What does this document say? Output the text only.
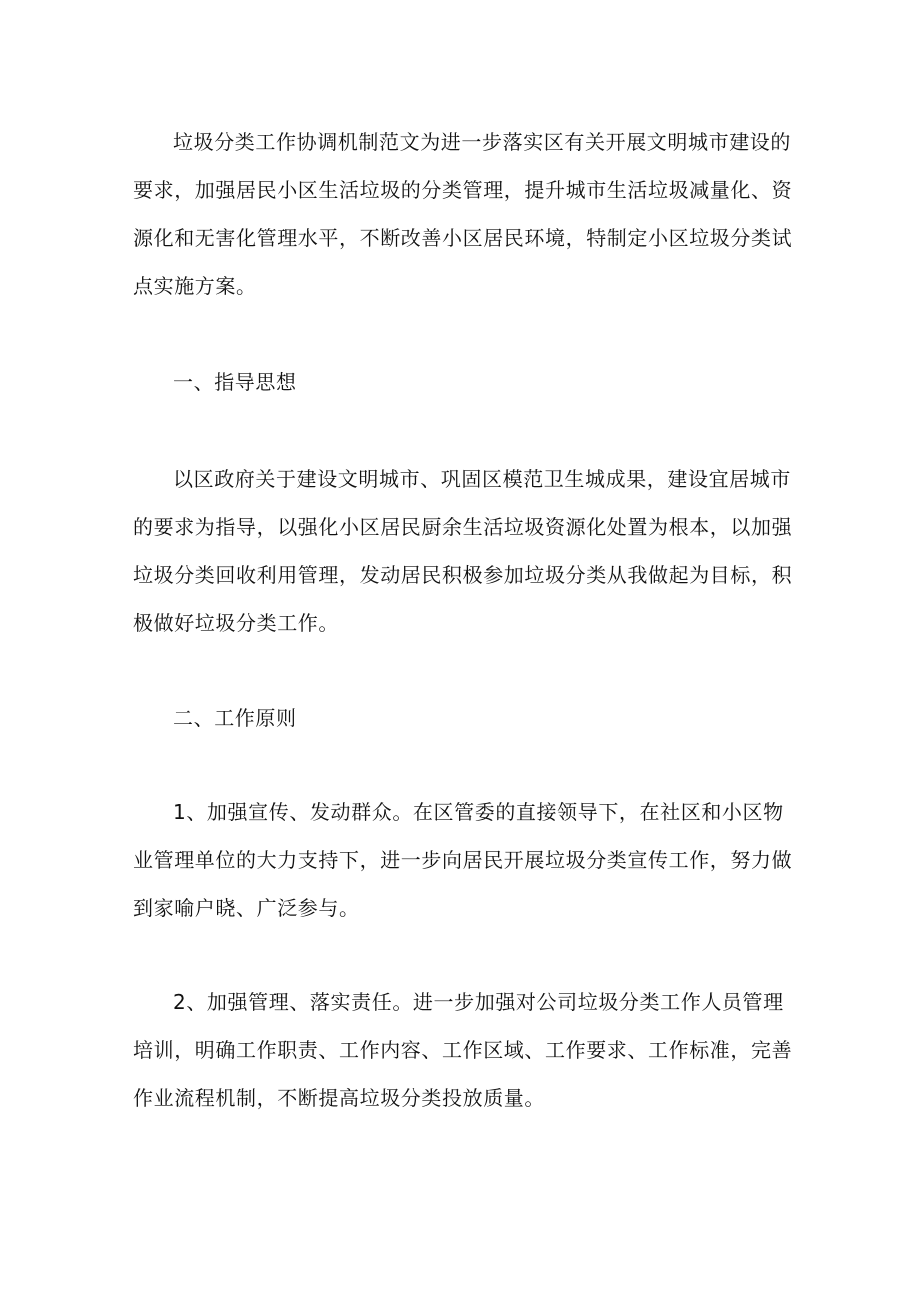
垃圾分类工作协调机制范文为进一步落实区有关开展文明城市建设的
要求，加强居民小区生活垃圾的分类管理，提升城市生活垃圾减量化、资
源化和无害化管理水平，不断改善小区居民环境，特制定小区垃圾分类试
点实施方案。
一、指导思想
以区政府关于建设文明城市、巩固区模范卫生城成果，建设宜居城市
的要求为指导，以强化小区居民厨余生活垃圾资源化处置为根本，以加强
垃圾分类回收利用管理，发动居民积极参加垃圾分类从我做起为目标，积
极做好垃圾分类工作。
二、工作原则
1、加强宣传、发动群众。在区管委的直接领导下，在社区和小区物
业管理单位的大力支持下，进一步向居民开展垃圾分类宣传工作，努力做
到家喻户晓、广泛参与。
2、加强管理、落实责任。进一步加强对公司垃圾分类工作人员管理
培训，明确工作职责、工作内容、工作区域、工作要求、工作标准，完善
作业流程机制，不断提高垃圾分类投放质量。
